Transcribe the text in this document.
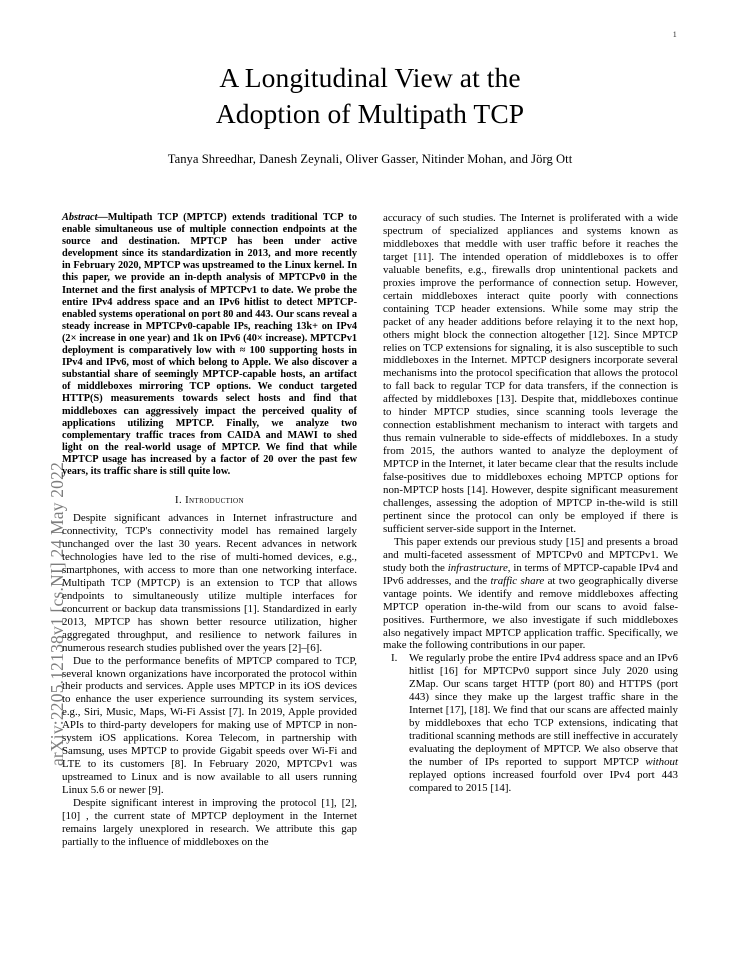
arXiv:2205.12138v1 [cs.NI] 24 May 2022
1
A Longitudinal View at the
Adoption of Multipath TCP
Tanya Shreedhar, Danesh Zeynali, Oliver Gasser, Nitinder Mohan, and Jörg Ott

Abstract—Multipath TCP (MPTCP) extends traditional TCP to enable simultaneous use of multiple connection endpoints at the source and destination. MPTCP has been under active development since its standardization in 2013, and more recently in February 2020, MPTCP was upstreamed to the Linux kernel. In this paper, we provide an in-depth analysis of MPTCPv0 in the Internet and the first analysis of MPTCPv1 to date. We probe the entire IPv4 address space and an IPv6 hitlist to detect MPTCP-enabled systems operational on port 80 and 443. Our scans reveal a steady increase in MPTCPv0-capable IPs, reaching 13k+ on IPv4 (2× increase in one year) and 1k on IPv6 (40× increase). MPTCPv1 deployment is comparatively low with ≈ 100 supporting hosts in IPv4 and IPv6, most of which belong to Apple. We also discover a substantial share of seemingly MPTCP-capable hosts, an artifact of middleboxes mirroring TCP options. We conduct targeted HTTP(S) measurements towards select hosts and find that middleboxes can aggressively impact the perceived quality of applications utilizing MPTCP. Finally, we analyze two complementary traffic traces from CAIDA and MAWI to shed light on the real-world usage of MPTCP. We find that while MPTCP usage has increased by a factor of 20 over the past few years, its traffic share is still quite low.

I. Introduction

Despite significant advances in Internet infrastructure and connectivity, TCP's connectivity model has remained largely unchanged over the last 30 years. Recent advances in network technologies have led to the rise of multi-homed devices, e.g., smartphones, with access to more than one networking interface. Multipath TCP (MPTCP) is an extension to TCP that allows endpoints to simultaneously utilize multiple interfaces for concurrent or backup data transmissions [1]. Standardized in early 2013, MPTCP has shown better resource utilization, higher aggregated throughput, and resilience to network failures in numerous research studies published over the years [2]–[6].

Due to the performance benefits of MPTCP compared to TCP, several known organizations have incorporated the protocol within their products and services. Apple uses MPTCP in its iOS devices to enhance the user experience surrounding its system services, e.g., Siri, Music, Maps, Wi-Fi Assist [7]. In 2019, Apple provided APIs to third-party developers for making use of MPTCP in non-system iOS applications. Korea Telecom, in partnership with Samsung, uses MPTCP to provide Gigabit speeds over Wi-Fi and LTE to its customers [8]. In February 2020, MPTCPv1 was upstreamed to Linux and is now available to all users running Linux 5.6 or newer [9].

Despite significant interest in improving the protocol [1], [2], [10] , the current state of MPTCP deployment in the Internet remains largely unexplored in research. We attribute this gap partially to the influence of middleboxes on the

accuracy of such studies. The Internet is proliferated with a wide spectrum of specialized appliances and systems known as middleboxes that meddle with user traffic before it reaches the target [11]. The intended operation of middleboxes is to offer valuable benefits, e.g., firewalls drop unintentional packets and proxies improve the performance of connection setup. However, certain middleboxes interact quite poorly with connections containing TCP header extensions. While some may strip the packet of any header additions before relaying it to the next hop, others might block the connection altogether [12]. Since MPTCP relies on TCP extensions for signaling, it is also susceptible to such middleboxes in the Internet. MPTCP designers incorporate several mechanisms into the protocol specification that allows the protocol to fall back to regular TCP for data transfers, if the connection is affected by middleboxes [13]. Despite that, middleboxes continue to hinder MPTCP studies, since scanning tools leverage the connection establishment mechanism to interact with targets and thus remain vulnerable to side-effects of middleboxes. In a study from 2015, the authors wanted to analyze the deployment of MPTCP in the Internet, it later became clear that the results include false-positives due to middleboxes echoing MPTCP options for non-MPTCP hosts [14]. However, despite significant measurement challenges, assessing the adoption of MPTCP in-the-wild is still pertinent since the protocol can only be employed if there is sufficient server-side support in the Internet.

This paper extends our previous study [15] and presents a broad and multi-faceted assessment of MPTCPv0 and MPTCPv1. We study both the infrastructure, in terms of MPTCP-capable IPv4 and IPv6 addresses, and the traffic share at two geographically diverse vantage points. We identify and remove middleboxes affecting MPTCP operation in-the-wild from our scans to avoid false-positives. Furthermore, we also investigate if such middleboxes also negatively impact MPTCP application traffic. Specifically, we make the following contributions in our paper.

I.	We regularly probe the entire IPv4 address space and an IPv6 hitlist [16] for MPTCPv0 support since July 2020 using ZMap. Our scans target HTTP (port 80) and HTTPS (port 443) since they make up the largest traffic share in the Internet [17], [18]. We find that our scans are affected mainly by middleboxes that echo TCP extensions, indicating that traditional scanning methods are still ineffective in accurately evaluating the deployment of MPTCP. We also observe that the number of IPs reported to support MPTCP without replayed options increased fourfold over IPv4 port 443 compared to 2015 [14].
